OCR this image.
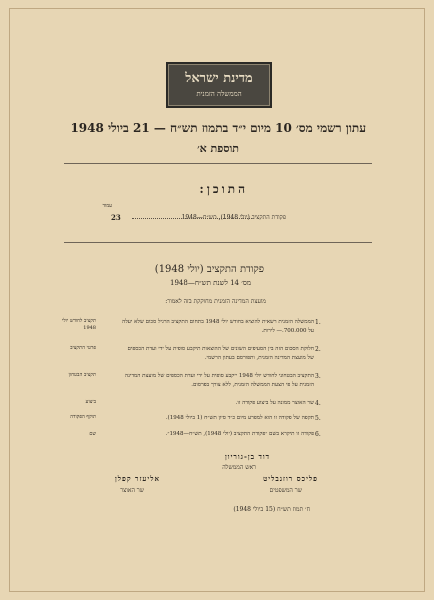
מדינת ישראל
הממשלה הזמנית
עתון רשמי מס׳ 10 מיום י״ד בתמוז תש״ח — 21 ביולי 1948
תוספת א׳
התוכן:
עמוד
פקודת התקציב (יולי 1948), תש״ח—1948
23
פקודת התקציב (יולי 1948)
מס׳ 14 לשנת תש״ח—1948
מועצת המדינה הזמנית מחוקקת בזה לאמור:
תקציב לחודש יולי 1948
1.
הממשלה הזמנית רשאית להוציא בחודש יולי 1948 בתחום התקציב הרגיל סכום שלא יעלה על 700.000.— לירות.
פרטי התקציב	2.
חלוקת הסכום הזה בין הסעיפים השונים של ההוצאות תיקבע סופית על ידי ועדת הכספים של מועצת המדינה הזמנית, ותפורסם בעתון הרשמי.
תקציב הבטחון	3.
התקציב הבטחוני לחודש יולי 1948 ייקבע סופית על ידי ועדת הכספים של מועצת המדינה הזמנית על פי הצעת הממשלה הזמנית, ללא צורך בפרסום.
ביצוע	4.
שר האוצר ממונה על ביצוע פקודה זו.
תוקף הפקודה	5.
תקפה של פקודה זו הוא למפרע מיום כ״ד סיון תש״ח (1 ביולי 1948).
שם	6.
פקודה זו תיקרא בשם ״פקודת התקציב (יולי 1948), תש״ח—1948״.
דוד בן-גוריון
ראש הממשלה
פליכס רוזנבליט
שר המשפטים
אליעזר קפלן
שר האוצר
ח׳ תמוז תש״ח (15 ביולי 1948)
